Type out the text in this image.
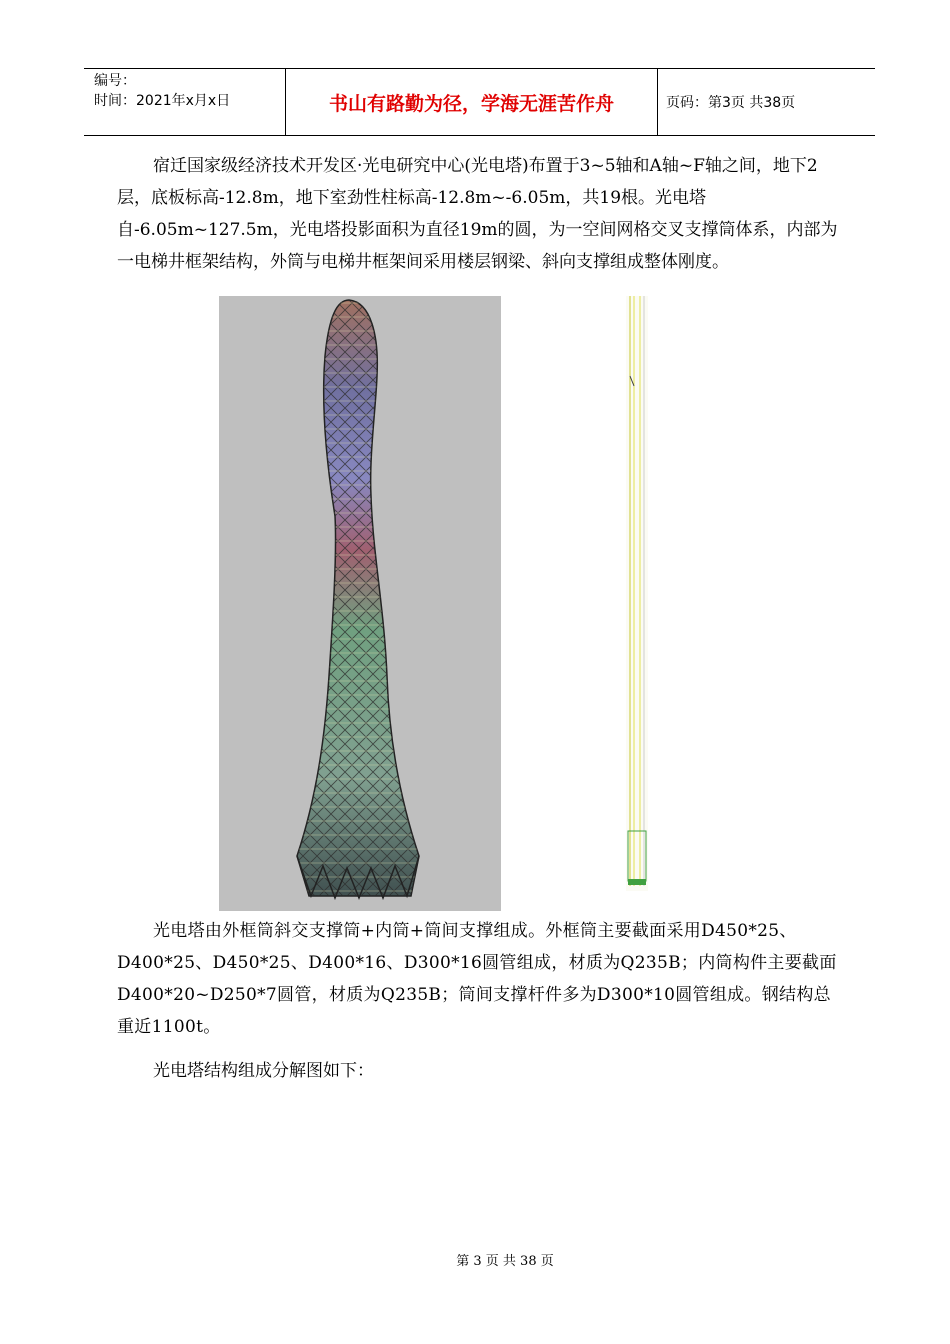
编号：
时间：2021年x月x日	书山有路勤为径，学海无涯苦作舟	页码：第3页 共38页
宿迁国家级经济技术开发区·光电研究中心(光电塔)布置于3~5轴和A轴~F轴之间，地下2层，底板标高-12.8m，地下室劲性柱标高-12.8m~-6.05m，共19根。光电塔自-6.05m~127.5m，光电塔投影面积为直径19m的圆，为一空间网格交叉支撑筒体系，内部为一电梯井框架结构，外筒与电梯井框架间采用楼层钢梁、斜向支撑组成整体刚度。
光电塔由外框筒斜交支撑筒+内筒+筒间支撑组成。外框筒主要截面采用D450*25、D400*25、D450*25、D400*16、D300*16圆管组成，材质为Q235B；内筒构件主要截面D400*20~D250*7圆管，材质为Q235B；筒间支撑杆件多为D300*10圆管组成。钢结构总重近1100t。
光电塔结构组成分解图如下：
第 3 页 共 38 页
